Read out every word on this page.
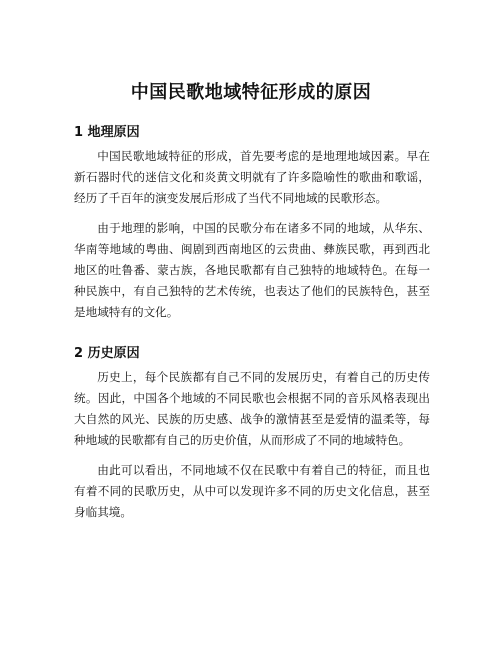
中国民歌地域特征形成的原因
1 地理原因

中国民歌地域特征的形成，首先要考虑的是地理地域因素。早在新石器时代的迷信文化和炎黄文明就有了许多隐喻性的歌曲和歌谣，经历了千百年的演变发展后形成了当代不同地域的民歌形态。

由于地理的影响，中国的民歌分布在诸多不同的地域，从华东、华南等地域的粤曲、闽剧到西南地区的云贵曲、彝族民歌，再到西北地区的吐鲁番、蒙古族，各地民歌都有自己独特的地域特色。在每一种民族中，有自己独特的艺术传统，也表达了他们的民族特色，甚至是地域特有的文化。

2 历史原因

历史上，每个民族都有自己不同的发展历史，有着自己的历史传统。因此，中国各个地域的不同民歌也会根据不同的音乐风格表现出大自然的风光、民族的历史感、战争的激情甚至是爱情的温柔等，每种地域的民歌都有自己的历史价值，从而形成了不同的地域特色。

由此可以看出，不同地域不仅在民歌中有着自己的特征，而且也有着不同的民歌历史，从中可以发现许多不同的历史文化信息，甚至身临其境。
